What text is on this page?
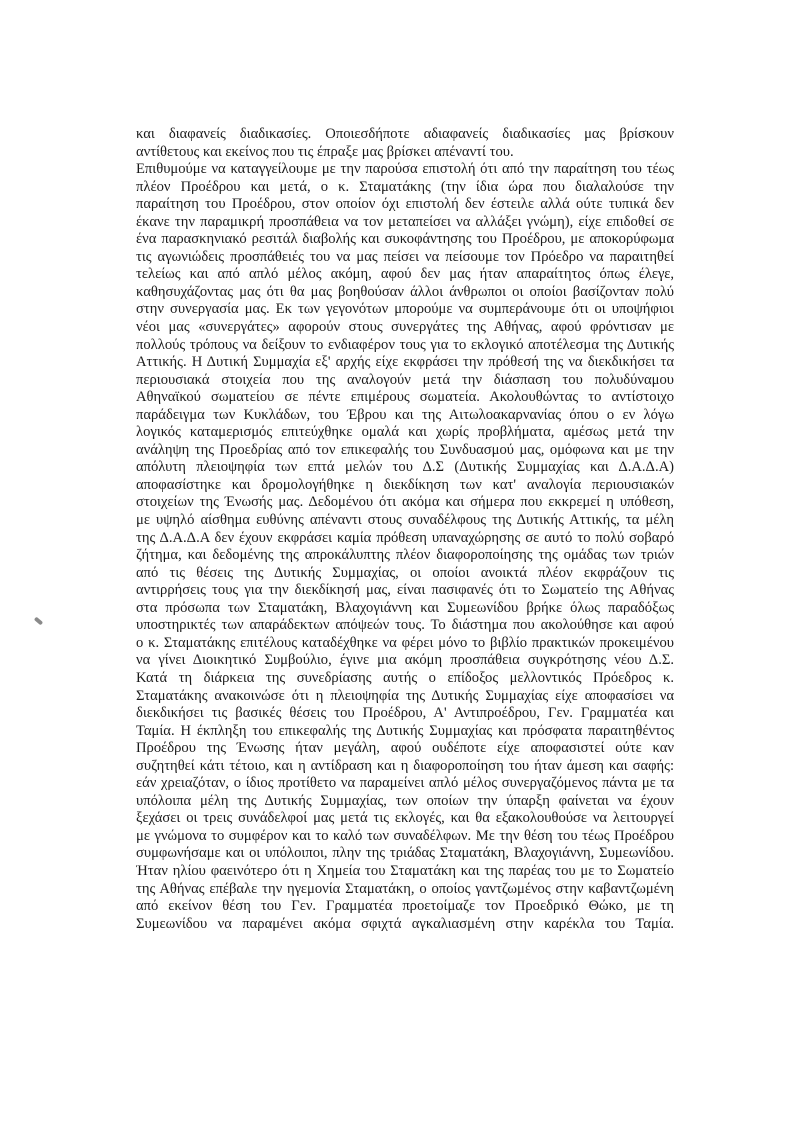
και διαφανείς διαδικασίες. Οποιεσδήποτε αδιαφανείς διαδικασίες μας βρίσκουν
αντίθετους και εκείνος που τις έπραξε μας βρίσκει απέναντί του.
Επιθυμούμε να καταγγείλουμε με την παρούσα επιστολή ότι από την παραίτηση του τέως
πλέον Προέδρου και μετά, ο κ. Σταματάκης (την ίδια ώρα που διαλαλούσε την
παραίτηση του Προέδρου, στον οποίον όχι επιστολή δεν έστειλε αλλά ούτε τυπικά δεν
έκανε την παραμικρή προσπάθεια να τον μεταπείσει να αλλάξει γνώμη), είχε επιδοθεί σε
ένα παρασκηνιακό ρεσιτάλ διαβολής και συκοφάντησης του Προέδρου, με αποκορύφωμα
τις αγωνιώδεις προσπάθειές του να μας πείσει να πείσουμε τον Πρόεδρο να παραιτηθεί
τελείως και από απλό μέλος ακόμη, αφού δεν μας ήταν απαραίτητος όπως έλεγε,
καθησυχάζοντας μας ότι θα μας βοηθούσαν άλλοι άνθρωποι οι οποίοι βασίζονταν πολύ
στην συνεργασία μας. Εκ των γεγονότων μπορούμε να συμπεράνουμε ότι οι υποψήφιοι
νέοι μας «συνεργάτες» αφορούν στους συνεργάτες της Αθήνας, αφού φρόντισαν με
πολλούς τρόπους να δείξουν το ενδιαφέρον τους για το εκλογικό αποτέλεσμα της Δυτικής
Αττικής. Η Δυτική Συμμαχία εξ' αρχής είχε εκφράσει την πρόθεσή της να διεκδικήσει τα
περιουσιακά στοιχεία που της αναλογούν μετά την διάσπαση του πολυδύναμου
Αθηναϊκού σωματείου σε πέντε επιμέρους σωματεία. Ακολουθώντας το αντίστοιχο
παράδειγμα των Κυκλάδων, του Έβρου και της Αιτωλοακαρνανίας όπου ο εν λόγω
λογικός καταμερισμός επιτεύχθηκε ομαλά και χωρίς προβλήματα, αμέσως μετά την
ανάληψη της Προεδρίας από τον επικεφαλής του Συνδυασμού μας, ομόφωνα και με την
απόλυτη πλειοψηφία των επτά μελών του Δ.Σ (Δυτικής Συμμαχίας και Δ.Α.Δ.Α)
αποφασίστηκε και δρομολογήθηκε η διεκδίκηση των κατ' αναλογία περιουσιακών
στοιχείων της Ένωσής μας. Δεδομένου ότι ακόμα και σήμερα που εκκρεμεί η υπόθεση,
με υψηλό αίσθημα ευθύνης απέναντι στους συναδέλφους της Δυτικής Αττικής, τα μέλη
της Δ.Α.Δ.Α δεν έχουν εκφράσει καμία πρόθεση υπαναχώρησης σε αυτό το πολύ σοβαρό
ζήτημα, και δεδομένης της απροκάλυπτης πλέον διαφοροποίησης της ομάδας των τριών
από τις θέσεις της Δυτικής Συμμαχίας, οι οποίοι ανοικτά πλέον εκφράζουν τις
αντιρρήσεις τους για την διεκδίκησή μας, είναι πασιφανές ότι το Σωματείο της Αθήνας
στα πρόσωπα των Σταματάκη, Βλαχογιάννη και Συμεωνίδου βρήκε όλως παραδόξως
υποστηρικτές των απαράδεκτων απόψεών τους. Το διάστημα που ακολούθησε και αφού
ο κ. Σταματάκης επιτέλους καταδέχθηκε να φέρει μόνο το βιβλίο πρακτικών προκειμένου
να γίνει Διοικητικό Συμβούλιο, έγινε μια ακόμη προσπάθεια συγκρότησης νέου Δ.Σ.
Κατά τη διάρκεια της συνεδρίασης αυτής ο επίδοξος μελλοντικός Πρόεδρος κ.
Σταματάκης ανακοινώσε ότι η πλειοψηφία της Δυτικής Συμμαχίας είχε αποφασίσει να
διεκδικήσει τις βασικές θέσεις του Προέδρου, Α' Αντιπροέδρου, Γεν. Γραμματέα και
Ταμία. Η έκπληξη του επικεφαλής της Δυτικής Συμμαχίας και πρόσφατα παραιτηθέντος
Προέδρου της Ένωσης ήταν μεγάλη, αφού ουδέποτε είχε αποφασιστεί ούτε καν
συζητηθεί κάτι τέτοιο, και η αντίδραση και η διαφοροποίηση του ήταν άμεση και σαφής:
εάν χρειαζόταν, ο ίδιος προτίθετο να παραμείνει απλό μέλος συνεργαζόμενος πάντα με τα
υπόλοιπα μέλη της Δυτικής Συμμαχίας, των οποίων την ύπαρξη φαίνεται να έχουν
ξεχάσει οι τρεις συνάδελφοί μας μετά τις εκλογές, και θα εξακολουθούσε να λειτουργεί
με γνώμονα το συμφέρον και το καλό των συναδέλφων. Με την θέση του τέως Προέδρου
συμφωνήσαμε και οι υπόλοιποι, πλην της τριάδας Σταματάκη, Βλαχογιάννη, Συμεωνίδου.
Ήταν ηλίου φαεινότερο ότι η Χημεία του Σταματάκη και της παρέας του με το Σωματείο
της Αθήνας επέβαλε την ηγεμονία Σταματάκη, ο οποίος γαντζωμένος στην καβαντζωμένη
από εκείνον θέση του Γεν. Γραμματέα προετοίμαζε τον Προεδρικό Θώκο, με τη
Συμεωνίδου να παραμένει ακόμα σφιχτά αγκαλιασμένη στην καρέκλα του Ταμία.
